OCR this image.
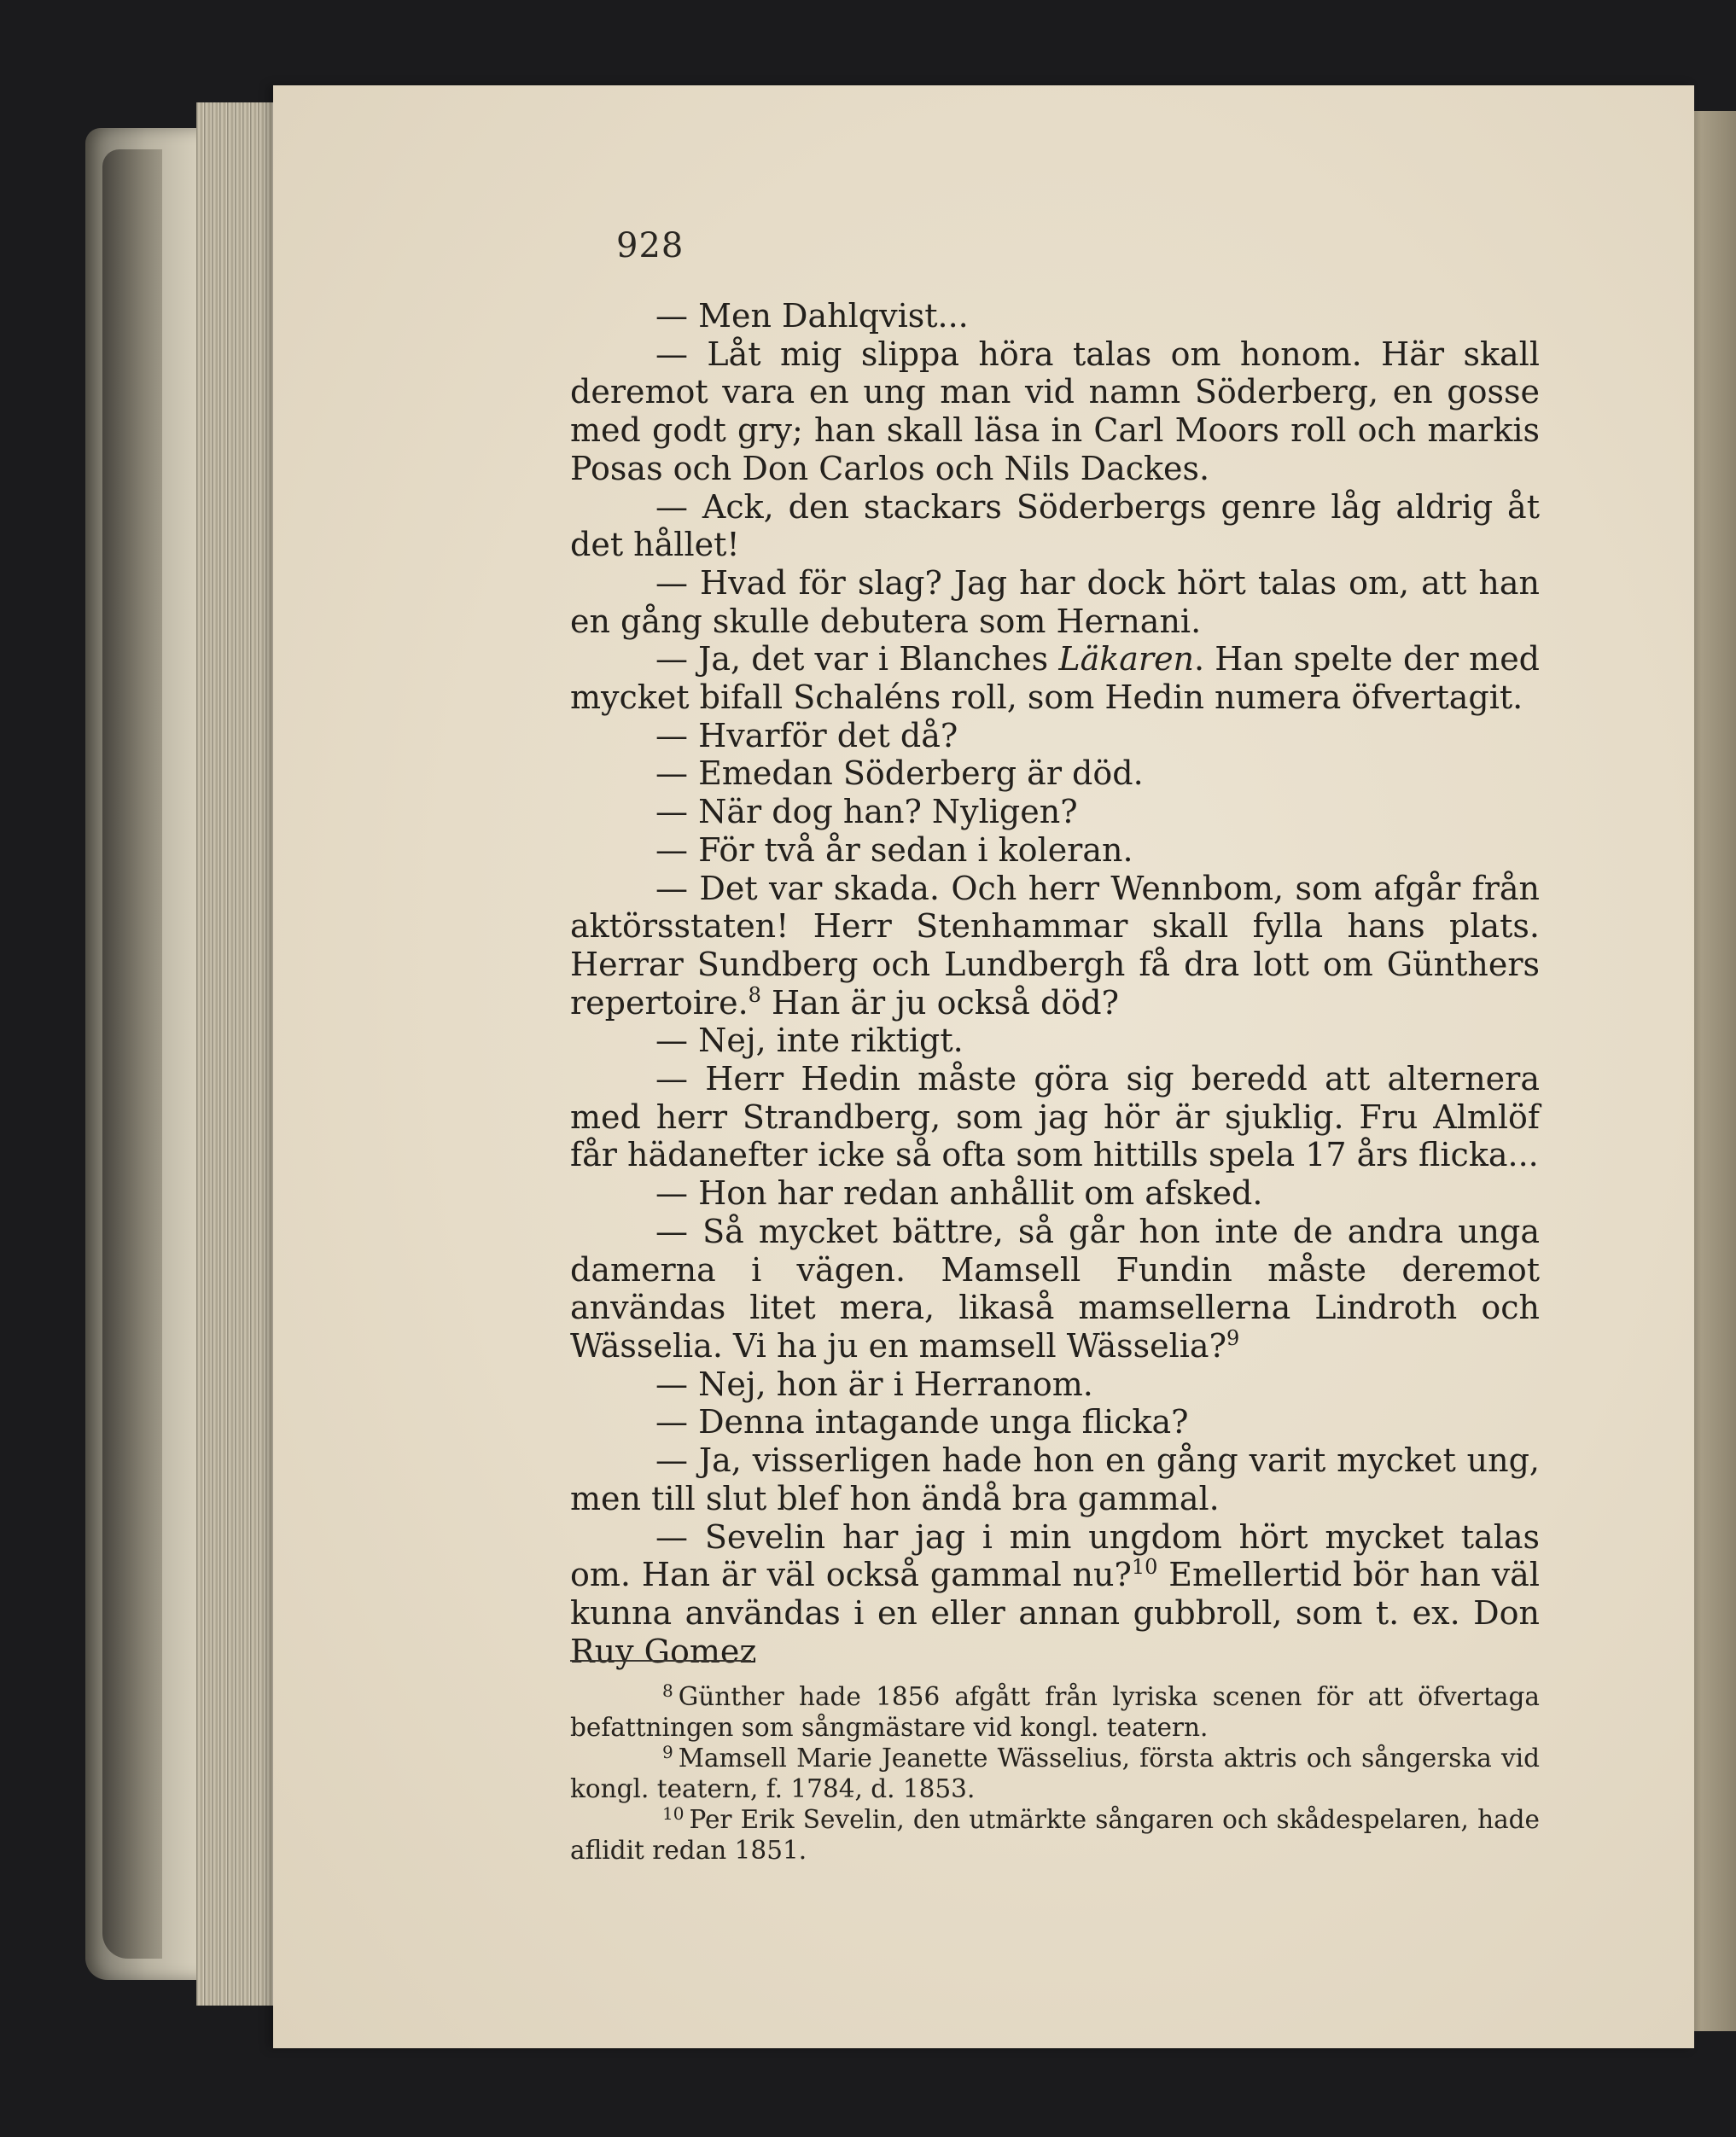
928

— Men Dahlqvist...

— Låt mig slippa höra talas om honom. Här skall deremot vara en ung man vid namn Söderberg, en gosse med godt gry; han skall läsa in Carl Moors roll och markis Posas och Don Carlos och Nils Dackes.

— Ack, den stackars Söderbergs genre låg aldrig åt det hållet!

— Hvad för slag? Jag har dock hört talas om, att han en gång skulle debutera som Hernani.

— Ja, det var i Blanches Läkaren. Han spelte der med mycket bifall Schaléns roll, som Hedin numera öfvertagit.

— Hvarför det då?

— Emedan Söderberg är död.

— När dog han? Nyligen?

— För två år sedan i koleran.

— Det var skada. Och herr Wennbom, som afgår från aktörsstaten! Herr Stenhammar skall fylla hans plats. Herrar Sundberg och Lundbergh få dra lott om Günthers repertoire.$^8$ Han är ju också död?

— Nej, inte riktigt.

— Herr Hedin måste göra sig beredd att alternera med herr Strandberg, som jag hör är sjuklig. Fru Almlöf får hädanefter icke så ofta som hittills spela 17 års flicka...

— Hon har redan anhållit om afsked.

— Så mycket bättre, så går hon inte de andra unga damerna i vägen. Mamsell Fundin måste deremot användas litet mera, likaså mamsellerna Lindroth och Wässelia. Vi ha ju en mamsell Wässelia?$^9$

— Nej, hon är i Herranom.

— Denna intagande unga flicka?

— Ja, visserligen hade hon en gång varit mycket ung, men till slut blef hon ändå bra gammal.

— Sevelin har jag i min ungdom hört mycket talas om. Han är väl också gammal nu?$^{10}$ Emellertid bör han väl kunna användas i en eller annan gubbroll, som t. ex. Don Ruy Gomez

$^8$ Günther hade 1856 afgått från lyriska scenen för att öfvertaga befattningen som sångmästare vid kongl. teatern.

$^9$ Mamsell Marie Jeanette Wässelius, första aktris och sångerska vid kongl. teatern, f. 1784, d. 1853.

$^{10}$ Per Erik Sevelin, den utmärkte sångaren och skådespelaren, hade aflidit redan 1851.
